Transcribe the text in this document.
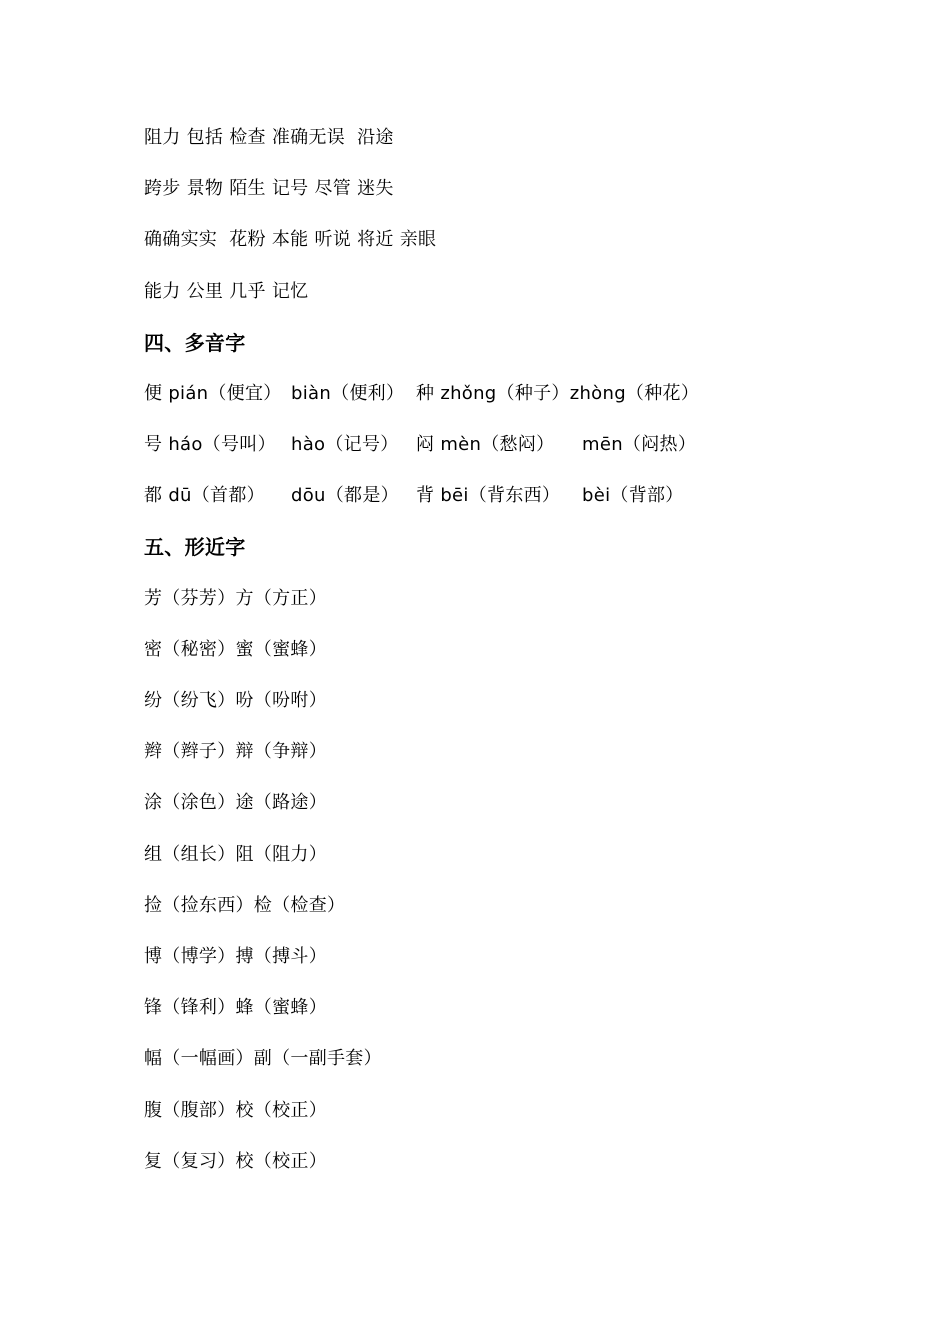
阻力 包括 检查 准确无误  沿途
跨步 景物 陌生 记号 尽管 迷失
确确实实  花粉 本能 听说 将近 亲眼
能力 公里 几乎 记忆
四、多音字

便 pián（便宜）

biàn（便利）

种 zhǒng（种子）zhòng（种花）

号 háo（号叫）

hào（记号）

闷 mèn（愁闷）

mēn（闷热）

都 dū（首都）

dōu（都是）

背 bēi（背东西）

bèi（背部）

五、形近字
芳（芬芳）方（方正）
密（秘密）蜜（蜜蜂）
纷（纷飞）吩（吩咐）
辫（辫子）辩（争辩）
涂（涂色）途（路途）
组（组长）阻（阻力）
捡（捡东西）检（检查）
博（博学）搏（搏斗）
锋（锋利）蜂（蜜蜂）
幅（一幅画）副（一副手套）
腹（腹部）校（校正）
复（复习）校（校正）
